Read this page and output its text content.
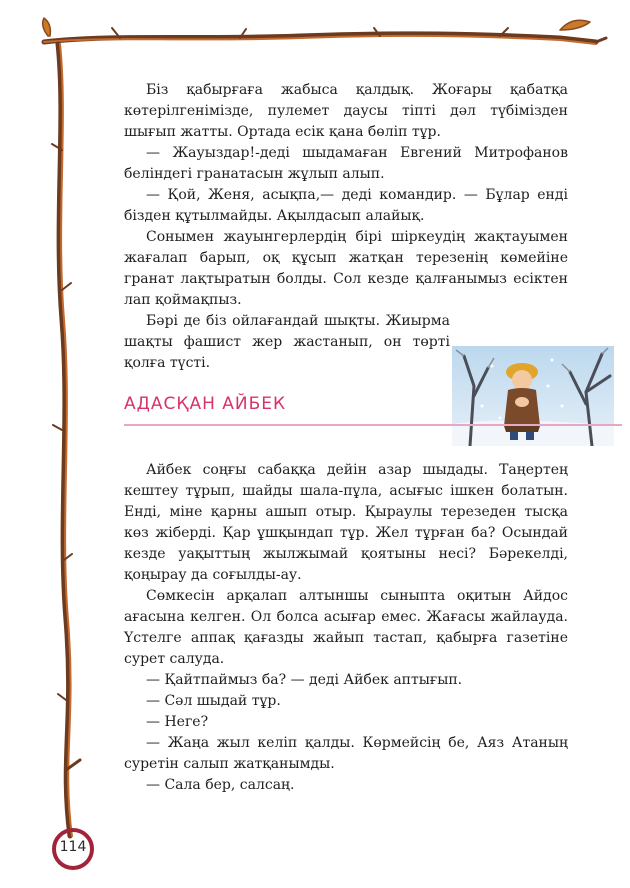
Біз қабырғаға жабыса қалдық. Жоғары қабатқа көтерілгенімізде, пулемет даусы тіпті дәл түбімізден шығып жатты. Ортада есік қана бөліп тұр.

— Жауыздар!-деді шыдамаған Евгений Митрофанов беліндегі гранатасын жұлып алып.

— Қой, Женя, асықпа,— деді командир. — Бұлар енді бізден құтылмайды. Ақылдасып алайық.

Сонымен жауынгерлердің бірі шіркеудің жақтауымен жағалап барып, оқ құсып жатқан терезенің көмейіне гранат лақтыратын болды. Сол кезде қалғанымыз есіктен лап қоймақпыз.

Бәрі де біз ойлағандай шықты. Жиырма шақты фашист жер жастанып, он төрті қолға түсті.

АДАСҚАН АЙБЕК

Айбек соңғы сабаққа дейін азар шыдады. Таңертең кештеу тұрып, шайды шала-пұла, асығыс ішкен болатын. Енді, міне қарны ашып отыр. Қыраулы терезеден тысқа көз жіберді. Қар ұшқындап тұр. Жел тұрған ба? Осындай кезде уақыттың жылжымай қоятыны несі? Бәрекелді, қоңырау да соғылды-ау.

Сөмкесін арқалап алтыншы сыныпта оқитын Айдос ағасына келген. Ол болса асығар емес. Жағасы жайлауда. Үстелге аппақ қағазды жайып тастап, қабырға газетіне сурет салуда.

— Қайтпаймыз ба? — деді Айбек аптығып.

— Сәл шыдай тұр.

— Неге?

— Жаңа жыл келіп қалды. Көрмейсің бе, Аяз Атаның суретін салып жатқанымды.

— Сала бер, салсаң.

114
